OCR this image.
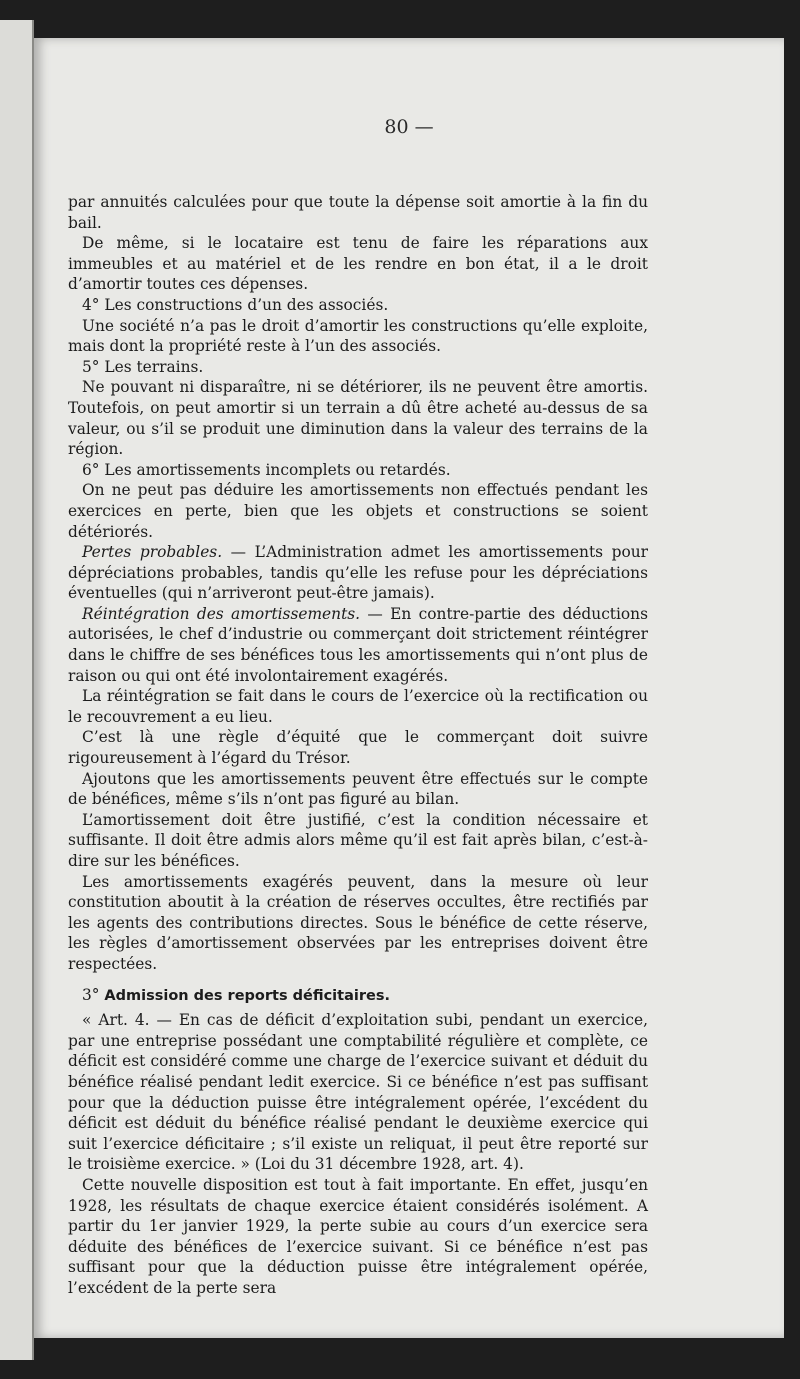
80 —

par annuités calculées pour que toute la dépense soit amortie à la fin du bail.

De même, si le locataire est tenu de faire les réparations aux immeubles et au matériel et de les rendre en bon état, il a le droit d’amortir toutes ces dépenses.

4° Les constructions d’un des associés.

Une société n’a pas le droit d’amortir les constructions qu’elle exploite, mais dont la propriété reste à l’un des associés.

5° Les terrains.

Ne pouvant ni disparaître, ni se détériorer, ils ne peuvent être amortis. Toutefois, on peut amortir si un terrain a dû être acheté au-dessus de sa valeur, ou s’il se produit une diminution dans la valeur des terrains de la région.

6° Les amortissements incomplets ou retardés.

On ne peut pas déduire les amortissements non effectués pendant les exercices en perte, bien que les objets et constructions se soient détériorés.

Pertes probables. — L’Administration admet les amortissements pour dépréciations probables, tandis qu’elle les refuse pour les dépréciations éventuelles (qui n’arriveront peut-être jamais).

Réintégration des amortissements. — En contre-partie des déductions autorisées, le chef d’industrie ou commerçant doit strictement réintégrer dans le chiffre de ses bénéfices tous les amortissements qui n’ont plus de raison ou qui ont été involontairement exagérés.

La réintégration se fait dans le cours de l’exercice où la rectification ou le recouvrement a eu lieu.

C’est là une règle d’équité que le commerçant doit suivre rigoureusement à l’égard du Trésor.

Ajoutons que les amortissements peuvent être effectués sur le compte de bénéfices, même s’ils n’ont pas figuré au bilan.

L’amortissement doit être justifié, c’est la condition nécessaire et suffisante. Il doit être admis alors même qu’il est fait après bilan, c’est-à-dire sur les bénéfices.

Les amortissements exagérés peuvent, dans la mesure où leur constitution aboutit à la création de réserves occultes, être rectifiés par les agents des contributions directes. Sous le bénéfice de cette réserve, les règles d’amortissement observées par les entreprises doivent être respectées.

3° Admission des reports déficitaires.

« Art. 4. — En cas de déficit d’exploitation subi, pendant un exercice, par une entreprise possédant une comptabilité régulière et complète, ce déficit est considéré comme une charge de l’exercice suivant et déduit du bénéfice réalisé pendant ledit exercice. Si ce bénéfice n’est pas suffisant pour que la déduction puisse être intégralement opérée, l’excédent du déficit est déduit du bénéfice réalisé pendant le deuxième exercice qui suit l’exercice déficitaire ; s’il existe un reliquat, il peut être reporté sur le troisième exercice. » (Loi du 31 décembre 1928, art. 4).

Cette nouvelle disposition est tout à fait importante. En effet, jusqu’en 1928, les résultats de chaque exercice étaient considérés isolément. A partir du 1er janvier 1929, la perte subie au cours d’un exercice sera déduite des bénéfices de l’exercice suivant. Si ce bénéfice n’est pas suffisant pour que la déduction puisse être intégralement opérée, l’excédent de la perte sera
